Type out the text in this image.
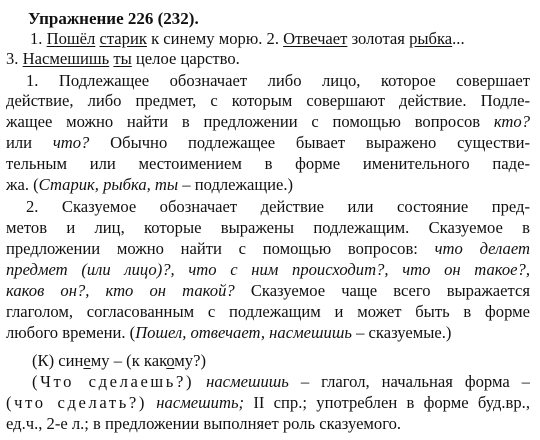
Упражнение 226 (232).
1. Пошёл старик к синему морю. 2. Отвечает золотая рыбка...
3. Насмешишь ты целое царство.
1. Подлежащее обозначает либо лицо, которое совершает
действие, либо предмет, с которым совершают действие. Подле-
жащее можно найти в предложении с помощью вопросов кто?
или что? Обычно подлежащее бывает выражено существи-
тельным или местоимением в форме именительного паде-
жа. (Старик, рыбка, ты – подлежащие.)
2. Сказуемое обозначает действие или состояние пред-
метов и лиц, которые выражены подлежащим. Сказуемое в
предложении можно найти с помощью вопросов: что делает
предмет (или лицо)?, что с ним происходит?, что он такое?,
каков он?, кто он такой? Сказуемое чаще всего выражается
глаголом, согласованным с подлежащим и может быть в форме
любого времени. (Пошел, отвечает, насмешишь – сказуемые.)
(К) синему – (к какому?)
(Что сделаешь?) насмешишь – глагол, начальная форма –
(что сделать?) насмешить; II спр.; употреблен в форме буд.вр.,
ед.ч., 2-е л.; в предложении выполняет роль сказуемого.
